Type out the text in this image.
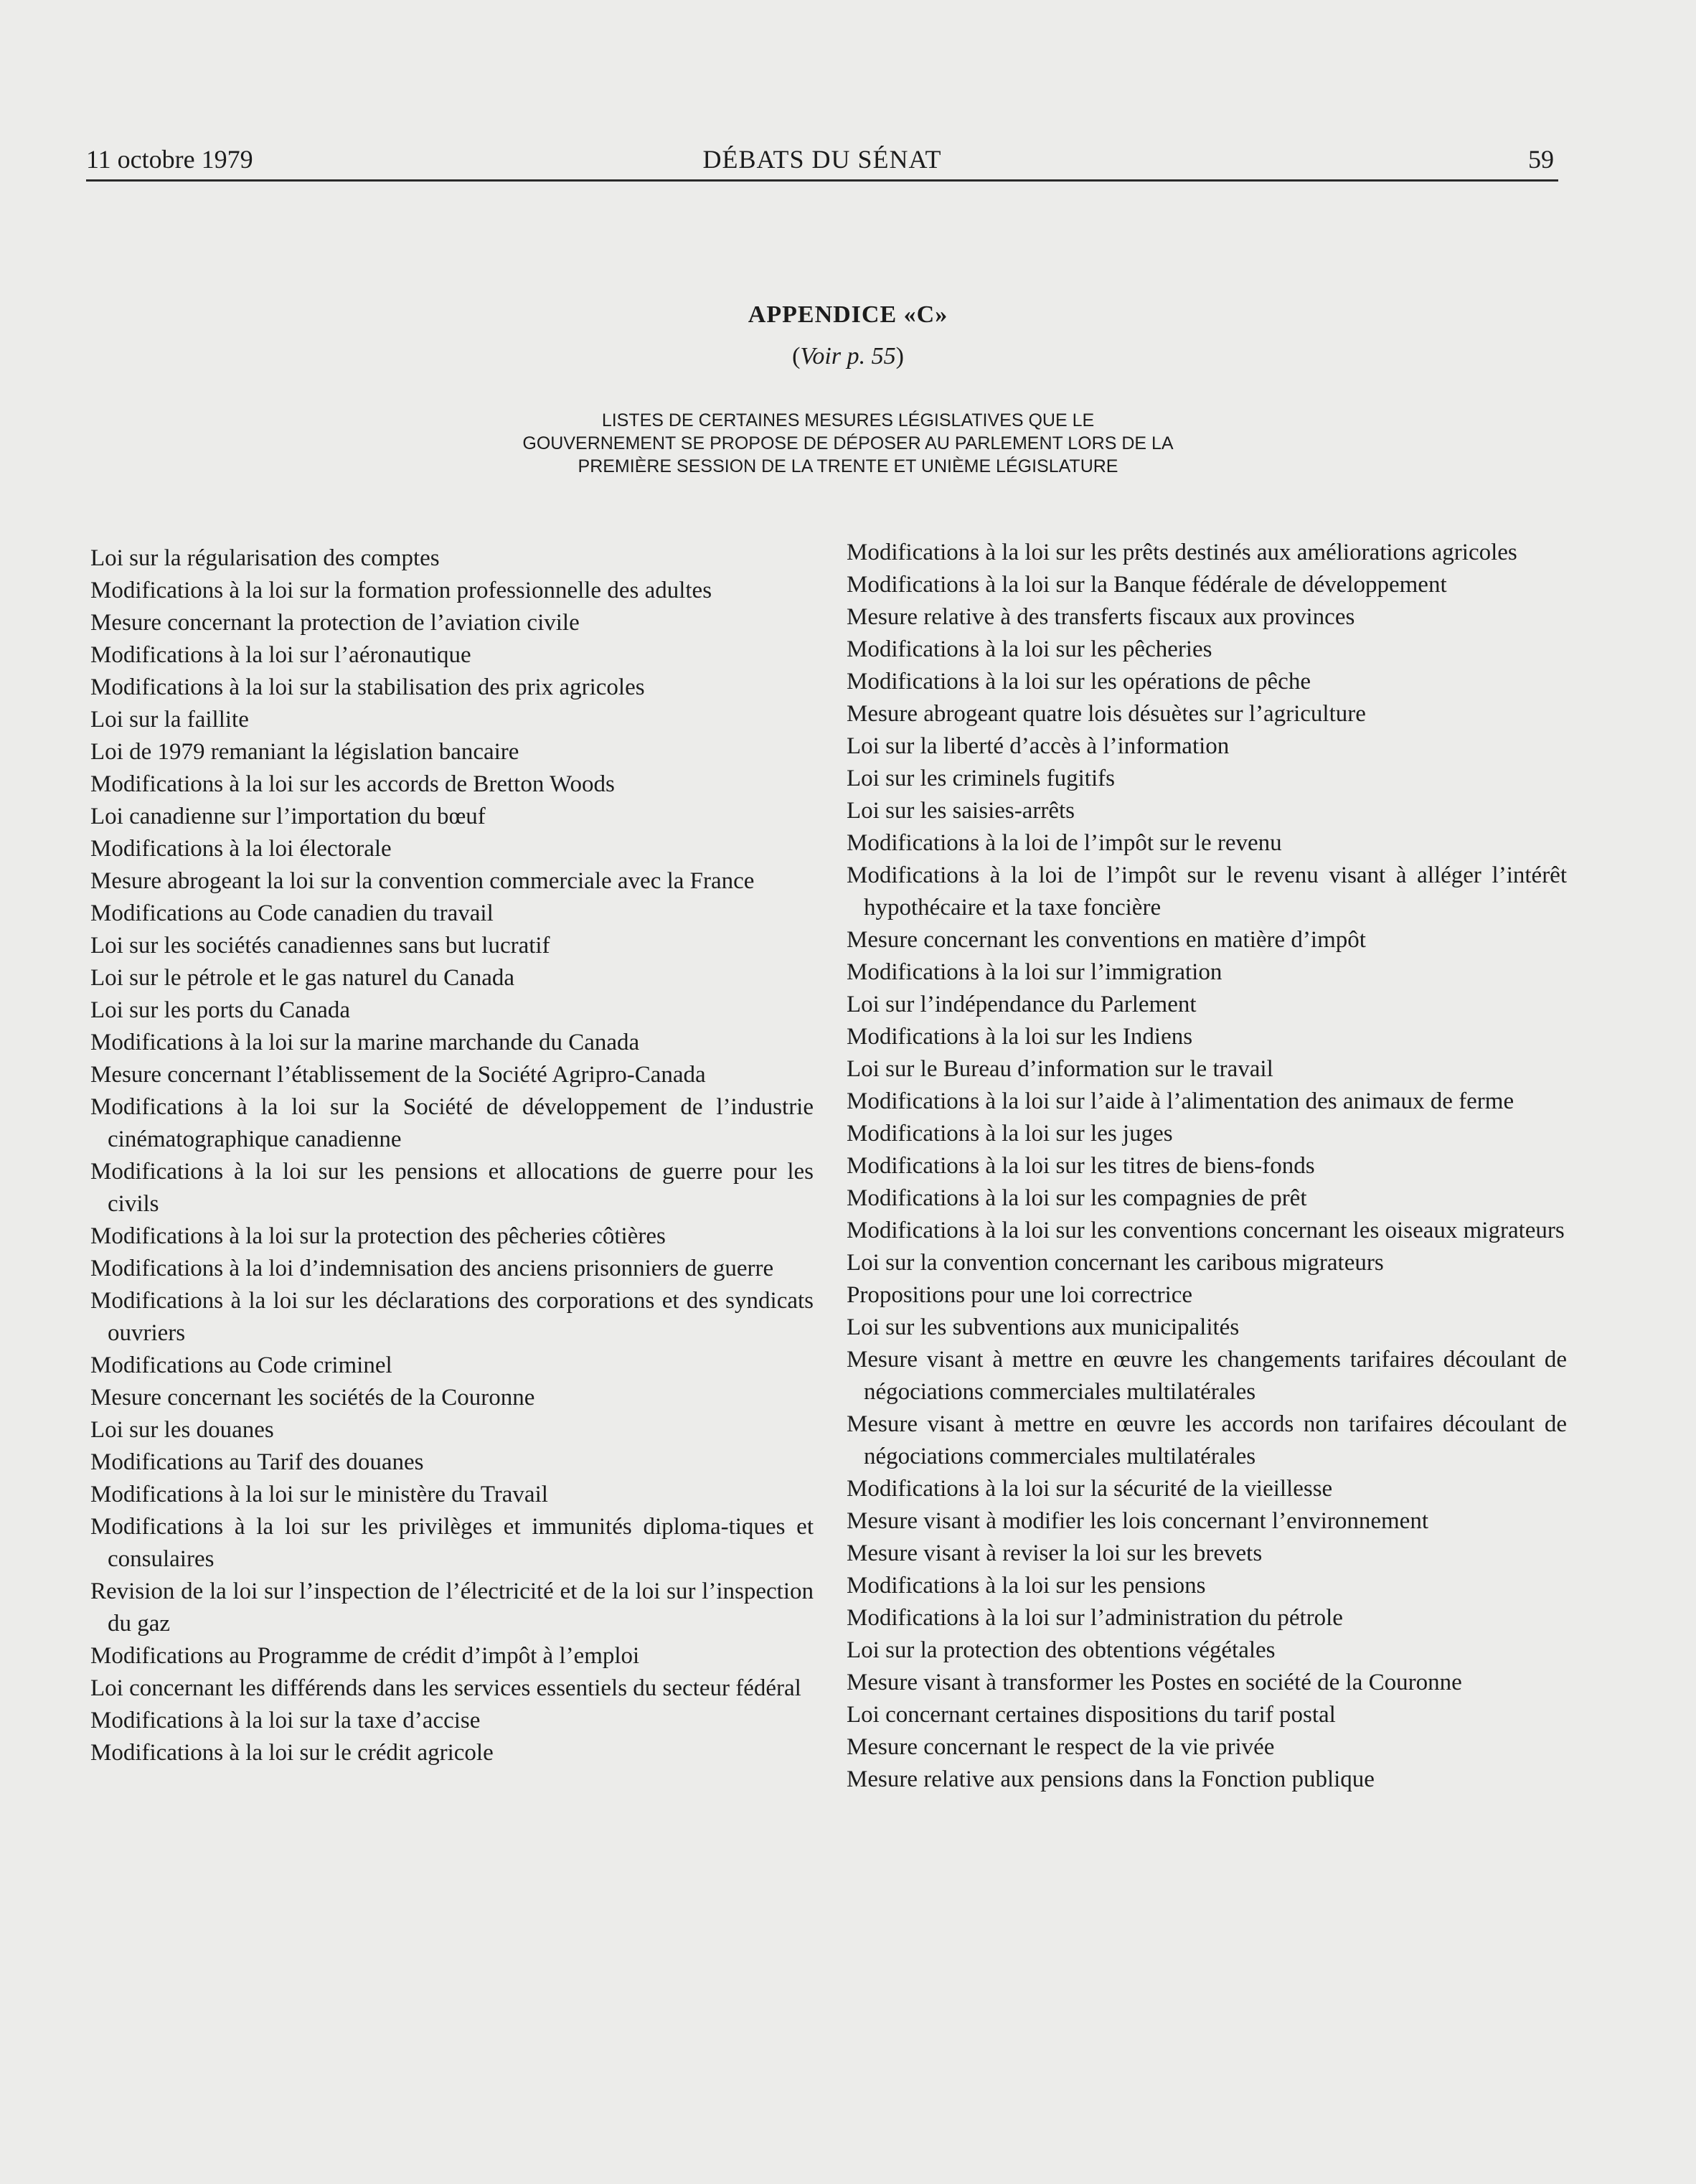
11 octobre 1979	DÉBATS DU SÉNAT	59
APPENDICE «C»
(Voir p. 55)
LISTES DE CERTAINES MESURES LÉGISLATIVES QUE LE
GOUVERNEMENT SE PROPOSE DE DÉPOSER AU PARLEMENT LORS DE LA
PREMIÈRE SESSION DE LA TRENTE ET UNIÈME LÉGISLATURE

Loi sur la régularisation des comptes

Modifications à la loi sur la formation professionnelle des adultes

Mesure concernant la protection de l’aviation civile

Modifications à la loi sur l’aéronautique

Modifications à la loi sur la stabilisation des prix agricoles

Loi sur la faillite

Loi de 1979 remaniant la législation bancaire

Modifications à la loi sur les accords de Bretton Woods

Loi canadienne sur l’importation du bœuf

Modifications à la loi électorale

Mesure abrogeant la loi sur la convention commerciale avec la France

Modifications au Code canadien du travail

Loi sur les sociétés canadiennes sans but lucratif

Loi sur le pétrole et le gas naturel du Canada

Loi sur les ports du Canada

Modifications à la loi sur la marine marchande du Canada

Mesure concernant l’établissement de la Société Agripro-Canada

Modifications à la loi sur la Société de développement de l’industrie cinématographique canadienne

Modifications à la loi sur les pensions et allocations de guerre pour les civils

Modifications à la loi sur la protection des pêcheries côtières

Modifications à la loi d’indemnisation des anciens prisonniers de guerre

Modifications à la loi sur les déclarations des corporations et des syndicats ouvriers

Modifications au Code criminel

Mesure concernant les sociétés de la Couronne

Loi sur les douanes

Modifications au Tarif des douanes

Modifications à la loi sur le ministère du Travail

Modifications à la loi sur les privilèges et immunités diploma-tiques et consulaires

Revision de la loi sur l’inspection de l’électricité et de la loi sur l’inspection du gaz

Modifications au Programme de crédit d’impôt à l’emploi

Loi concernant les différends dans les services essentiels du secteur fédéral

Modifications à la loi sur la taxe d’accise

Modifications à la loi sur le crédit agricole

Modifications à la loi sur les prêts destinés aux améliorations agricoles

Modifications à la loi sur la Banque fédérale de développement

Mesure relative à des transferts fiscaux aux provinces

Modifications à la loi sur les pêcheries

Modifications à la loi sur les opérations de pêche

Mesure abrogeant quatre lois désuètes sur l’agriculture

Loi sur la liberté d’accès à l’information

Loi sur les criminels fugitifs

Loi sur les saisies-arrêts

Modifications à la loi de l’impôt sur le revenu

Modifications à la loi de l’impôt sur le revenu visant à alléger l’intérêt hypothécaire et la taxe foncière

Mesure concernant les conventions en matière d’impôt

Modifications à la loi sur l’immigration

Loi sur l’indépendance du Parlement

Modifications à la loi sur les Indiens

Loi sur le Bureau d’information sur le travail

Modifications à la loi sur l’aide à l’alimentation des animaux de ferme

Modifications à la loi sur les juges

Modifications à la loi sur les titres de biens-fonds

Modifications à la loi sur les compagnies de prêt

Modifications à la loi sur les conventions concernant les oiseaux migrateurs

Loi sur la convention concernant les caribous migrateurs

Propositions pour une loi correctrice

Loi sur les subventions aux municipalités

Mesure visant à mettre en œuvre les changements tarifaires découlant de négociations commerciales multilatérales

Mesure visant à mettre en œuvre les accords non tarifaires découlant de négociations commerciales multilatérales

Modifications à la loi sur la sécurité de la vieillesse

Mesure visant à modifier les lois concernant l’environnement

Mesure visant à reviser la loi sur les brevets

Modifications à la loi sur les pensions

Modifications à la loi sur l’administration du pétrole

Loi sur la protection des obtentions végétales

Mesure visant à transformer les Postes en société de la Couronne

Loi concernant certaines dispositions du tarif postal

Mesure concernant le respect de la vie privée

Mesure relative aux pensions dans la Fonction publique
